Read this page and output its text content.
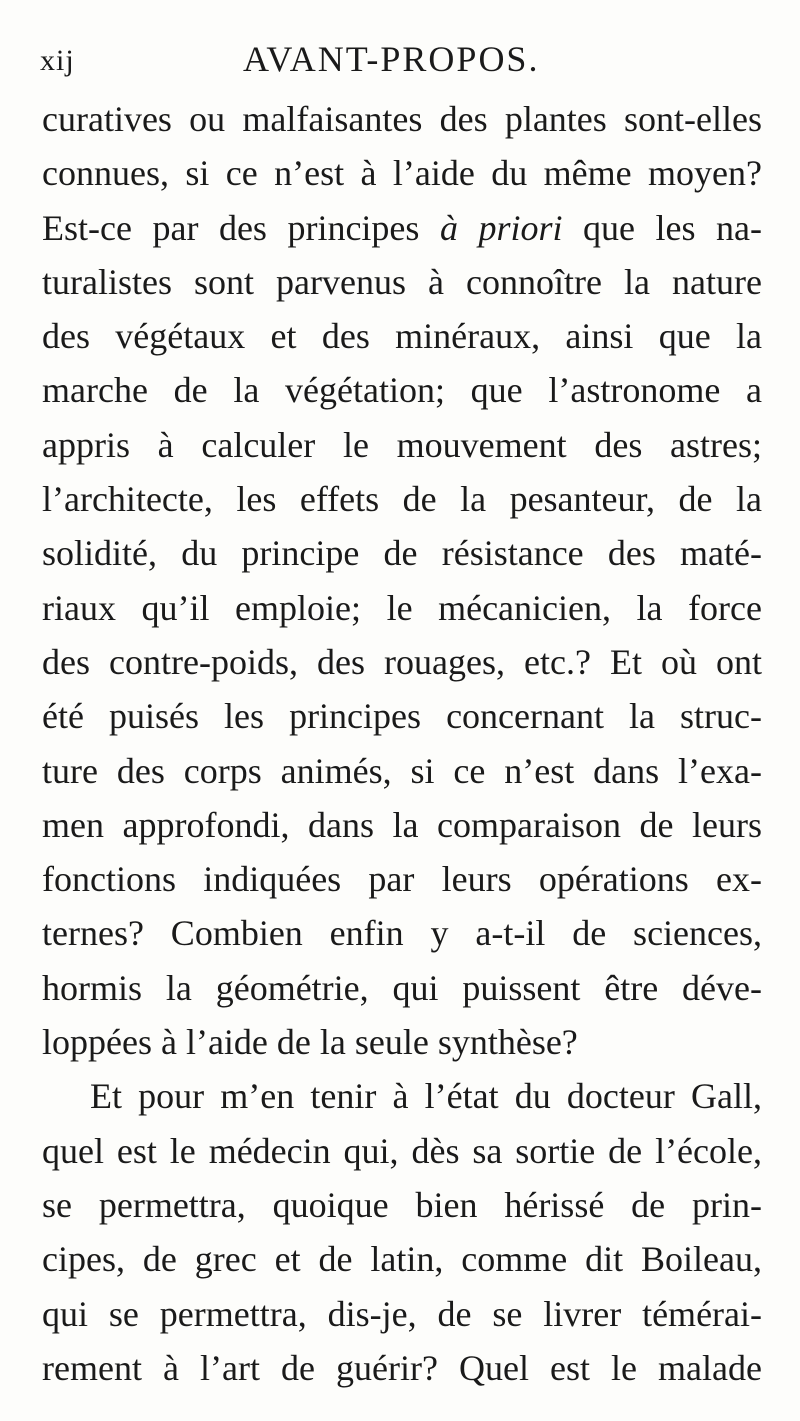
xij	AVANT-PROPOS.
curatives ou malfaisantes des plantes sont-elles
connues, si ce n’est à l’aide du même moyen?
Est-ce par des principes à priori que les na-
turalistes sont parvenus à connoître la nature
des végétaux et des minéraux, ainsi que la
marche de la végétation; que l’astronome a
appris à calculer le mouvement des astres;
l’architecte, les effets de la pesanteur, de la
solidité, du principe de résistance des maté-
riaux qu’il emploie; le mécanicien, la force
des contre-poids, des rouages, etc.? Et où ont
été puisés les principes concernant la struc-
ture des corps animés, si ce n’est dans l’exa-
men approfondi, dans la comparaison de leurs
fonctions indiquées par leurs opérations ex-
ternes? Combien enfin y a-t-il de sciences,
hormis la géométrie, qui puissent être déve-
loppées à l’aide de la seule synthèse?
Et pour m’en tenir à l’état du docteur Gall,
quel est le médecin qui, dès sa sortie de l’école,
se permettra, quoique bien hérissé de prin-
cipes, de grec et de latin, comme dit Boileau,
qui se permettra, dis-je, de se livrer témérai-
rement à l’art de guérir? Quel est le malade
